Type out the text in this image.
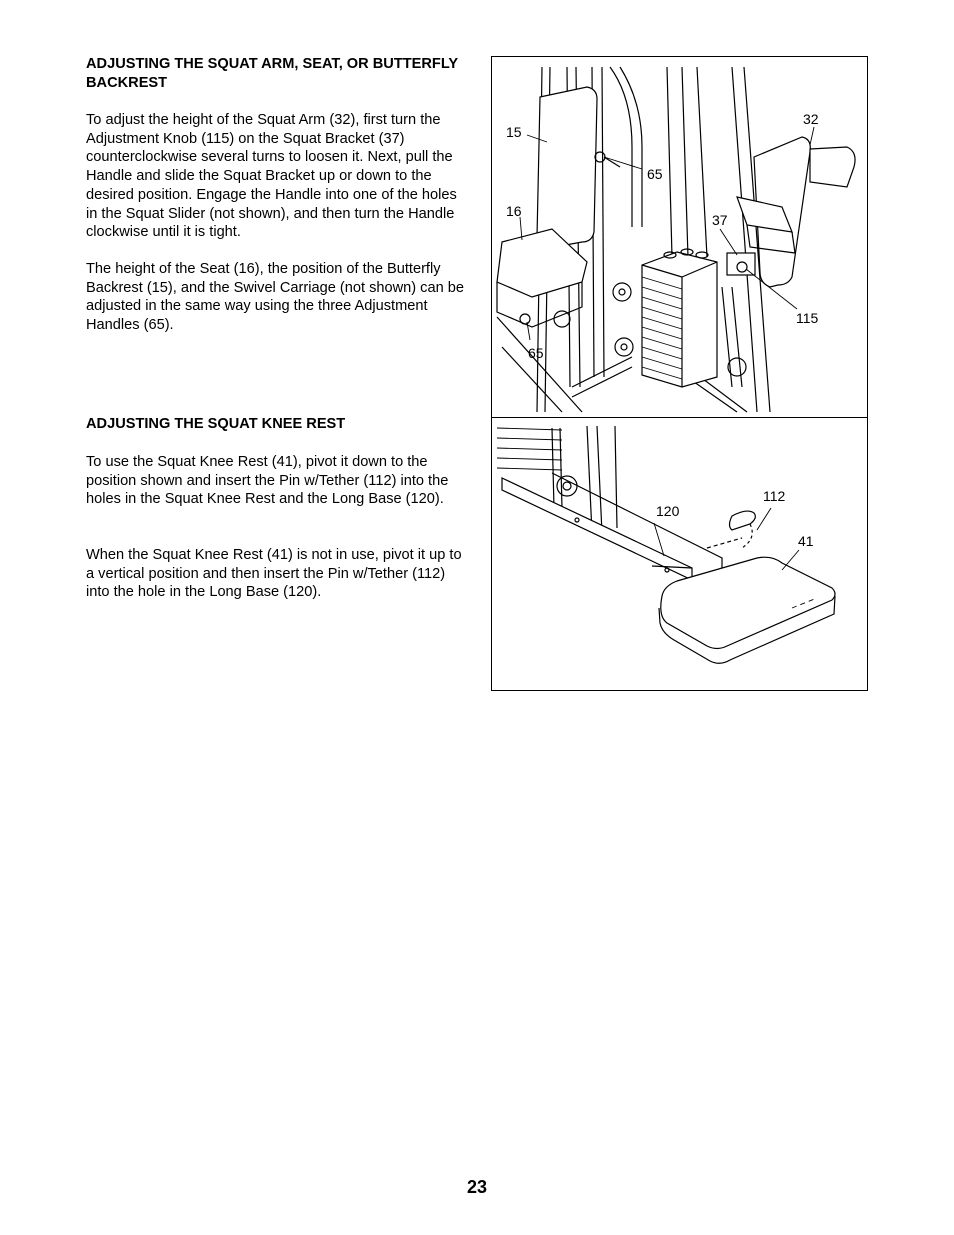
ADJUSTING THE SQUAT ARM, SEAT, OR BUTTERFLY BACKREST

To adjust the height of the Squat Arm (32), first turn the Adjustment Knob (115) on the Squat Bracket (37) counterclockwise several turns to loosen it. Next, pull the Handle and slide the Squat Bracket up or down to the desired position. Engage the Handle into one of the holes in the Squat Slider (not shown), and then turn the Handle clockwise until it is tight.

The height of the Seat (16), the position of the Butterfly Backrest (15), and the Swivel Carriage (not shown) can be adjusted in the same way using the three Adjustment Handles (65).

ADJUSTING THE SQUAT KNEE REST

To use the Squat Knee Rest (41), pivot it down to the position shown and insert the Pin w/Tether (112) into the holes in the Squat Knee Rest and the Long Base (120).

When the Squat Knee Rest (41) is not in use, pivot it up to a vertical position and then insert the Pin w/Tether (112) into the hole in the Long Base (120).

15
16
65
65
32
37
115
120
112
41
23
